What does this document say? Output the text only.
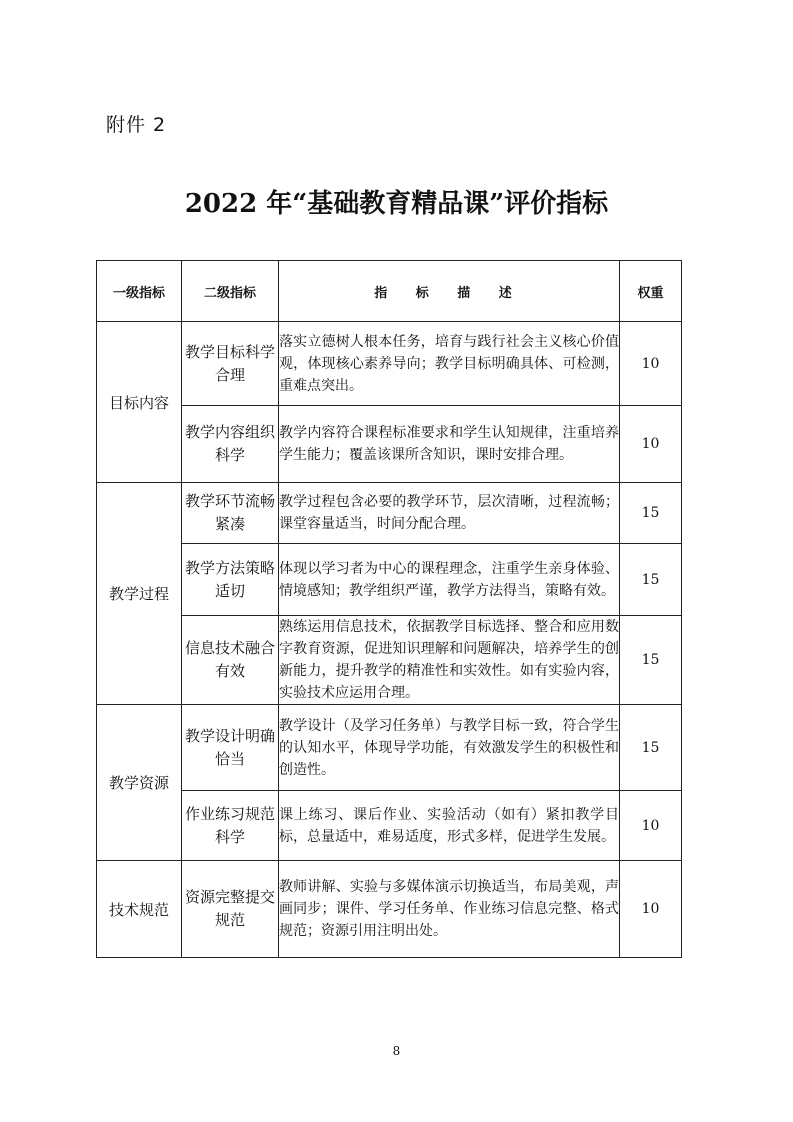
附件 2
2022 年“基础教育精品课”评价指标
一级指标	二级指标	指 标 描 述	权重
目标内容	教学目标科学合理	落实立德树人根本任务，培育与践行社会主义核心价值观，体现核心素养导向；教学目标明确具体、可检测，重难点突出。	10
	教学内容组织科学	教学内容符合课程标准要求和学生认知规律，注重培养学生能力；覆盖该课所含知识，课时安排合理。	10
教学过程	教学环节流畅紧凑	教学过程包含必要的教学环节，层次清晰，过程流畅；课堂容量适当，时间分配合理。	15
	教学方法策略适切	体现以学习者为中心的课程理念，注重学生亲身体验、情境感知；教学组织严谨，教学方法得当，策略有效。	15
	信息技术融合有效	熟练运用信息技术，依据教学目标选择、整合和应用数字教育资源，促进知识理解和问题解决，培养学生的创新能力，提升教学的精准性和实效性。如有实验内容，实验技术应运用合理。	15
教学资源	教学设计明确恰当	教学设计（及学习任务单）与教学目标一致，符合学生的认知水平，体现导学功能，有效激发学生的积极性和创造性。	15
	作业练习规范科学	课上练习、课后作业、实验活动（如有）紧扣教学目标，总量适中，难易适度，形式多样，促进学生发展。	10
技术规范	资源完整提交规范	教师讲解、实验与多媒体演示切换适当，布局美观，声画同步；课件、学习任务单、作业练习信息完整、格式规范；资源引用注明出处。	10
8
